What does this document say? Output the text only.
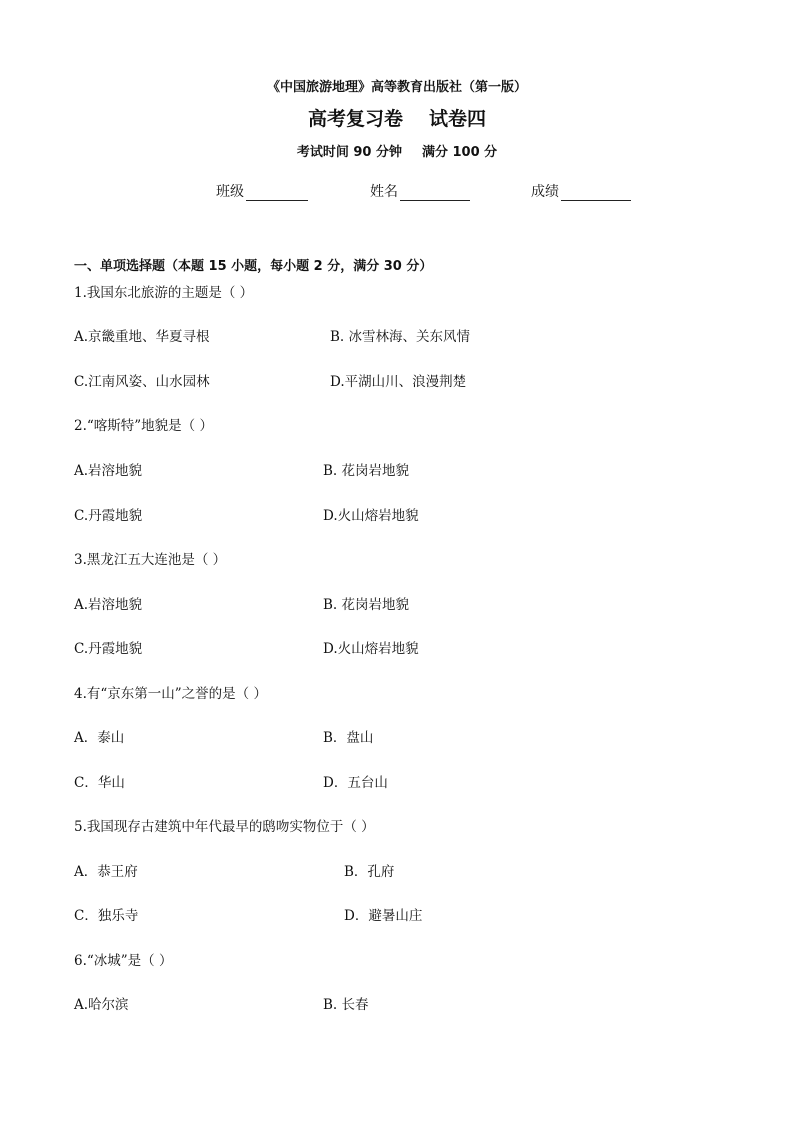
《中国旅游地理》高等教育出版社（第一版）
高考复习卷 试卷四
考试时间 90 分钟 满分 100 分
班级	姓名	成绩
一、单项选择题（本题 15 小题，每小题 2 分，满分 30 分）
1.我国东北旅游的主题是（ ）
A.京畿重地、华夏寻根	B. 冰雪林海、关东风情
C.江南风姿、山水园林	D.平湖山川、浪漫荆楚
2.“喀斯特”地貌是（ ）
A.岩溶地貌	B. 花岗岩地貌
C.丹霞地貌	D.火山熔岩地貌
3.黑龙江五大连池是（ ）
A.岩溶地貌	B. 花岗岩地貌
C.丹霞地貌	D.火山熔岩地貌
4.有“京东第一山”之誉的是（ ）
A．泰山	B．盘山
C．华山	D．五台山
5.我国现存古建筑中年代最早的鸱吻实物位于（ ）
A．恭王府	B．孔府
C．独乐寺	D．避暑山庄
6.“冰城”是（ ）
A.哈尔滨	B. 长春
